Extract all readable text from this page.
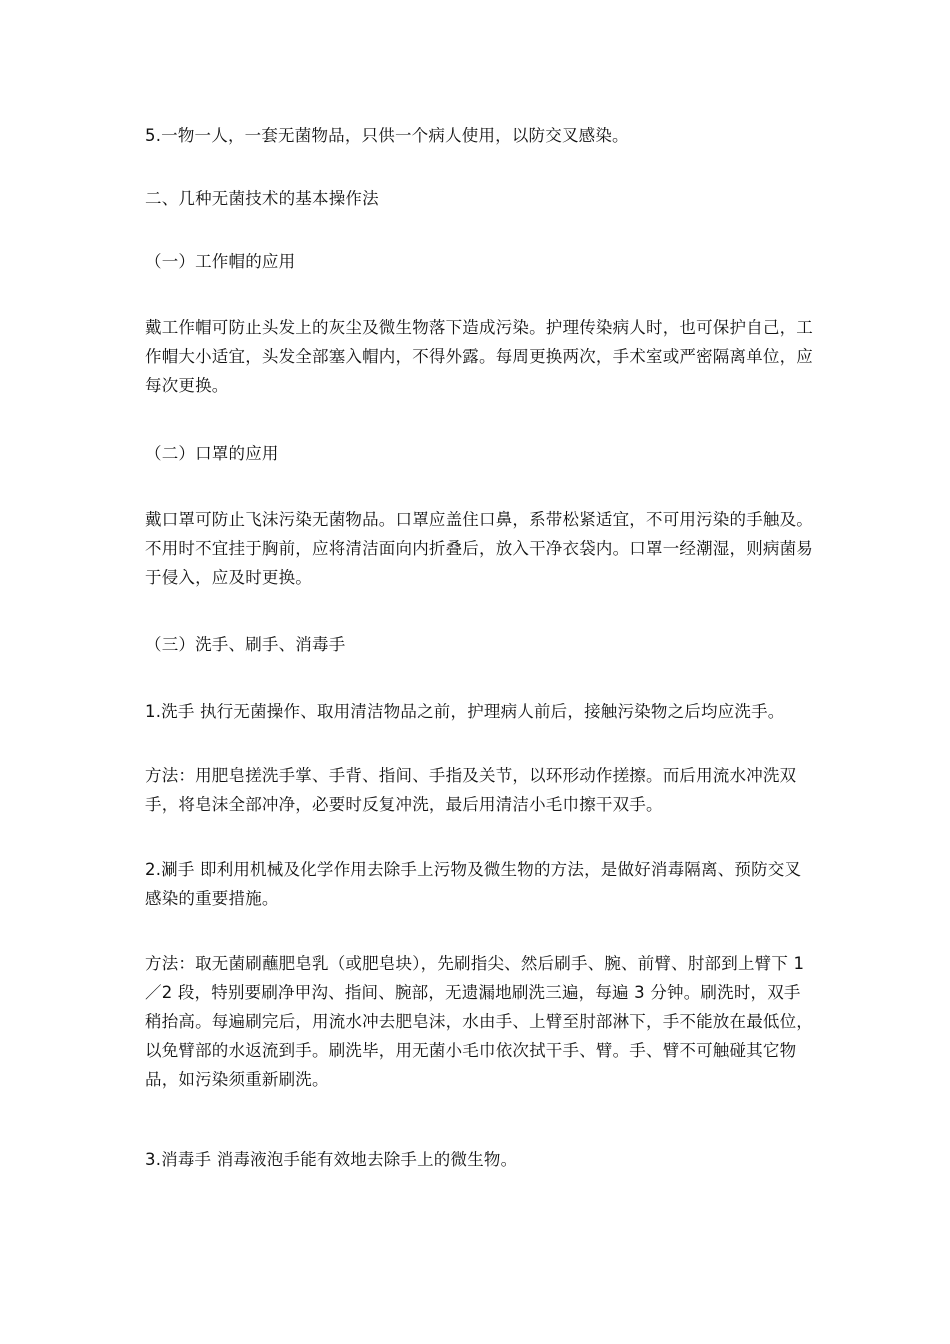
5.一物一人，一套无菌物品，只供一个病人使用，以防交叉感染。
二、几种无菌技术的基本操作法
（一）工作帽的应用
戴工作帽可防止头发上的灰尘及微生物落下造成污染。护理传染病人时，也可保护自己，工作帽大小适宜，头发全部塞入帽内，不得外露。每周更换两次，手术室或严密隔离单位，应每次更换。
（二）口罩的应用
戴口罩可防止飞沫污染无菌物品。口罩应盖住口鼻，系带松紧适宜，不可用污染的手触及。不用时不宜挂于胸前，应将清洁面向内折叠后，放入干净衣袋内。口罩一经潮湿，则病菌易于侵入，应及时更换。
（三）洗手、刷手、消毒手
1.洗手 执行无菌操作、取用清洁物品之前，护理病人前后，接触污染物之后均应洗手。
方法：用肥皂搓洗手掌、手背、指间、手指及关节，以环形动作搓擦。而后用流水冲洗双手，将皂沫全部冲净，必要时反复冲洗，最后用清洁小毛巾擦干双手。
2.涮手 即利用机械及化学作用去除手上污物及微生物的方法，是做好消毒隔离、预防交叉感染的重要措施。
方法：取无菌刷蘸肥皂乳（或肥皂块），先刷指尖、然后刷手、腕、前臂、肘部到上臂下 1／2 段，特别要刷净甲沟、指间、腕部，无遗漏地刷洗三遍，每遍 3 分钟。刷洗时，双手稍抬高。每遍刷完后，用流水冲去肥皂沫，水由手、上臂至肘部淋下，手不能放在最低位，以免臂部的水返流到手。刷洗毕，用无菌小毛巾依次拭干手、臂。手、臂不可触碰其它物品，如污染须重新刷洗。
3.消毒手 消毒液泡手能有效地去除手上的微生物。
